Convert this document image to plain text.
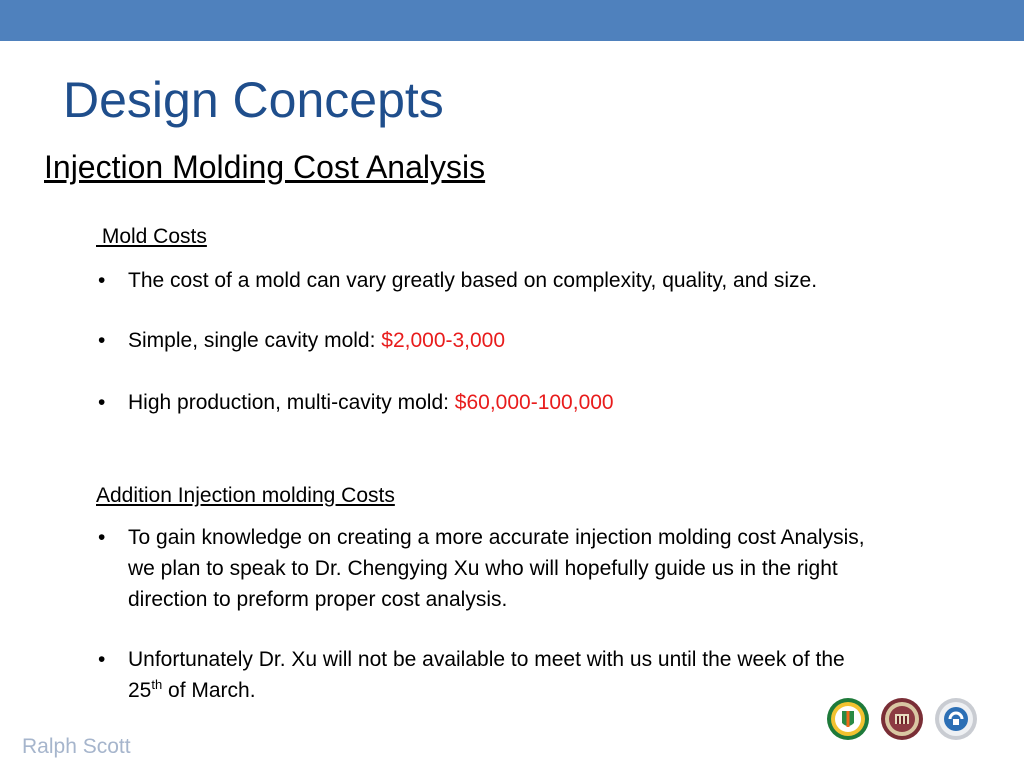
Design Concepts
Injection Molding Cost Analysis

Mold Costs

• The cost of a mold can vary greatly based on complexity, quality, and size.
• Simple, single cavity mold: $2,000-3,000
• High production, multi-cavity mold: $60,000-100,000

Addition Injection molding Costs

• To gain knowledge on creating a more accurate injection molding cost Analysis, we plan to speak to Dr. Chengying Xu who will hopefully guide us in the right direction to preform proper cost analysis.
• Unfortunately Dr. Xu will not be available to meet with us until the week of the 25th of March.

Ralph Scott
